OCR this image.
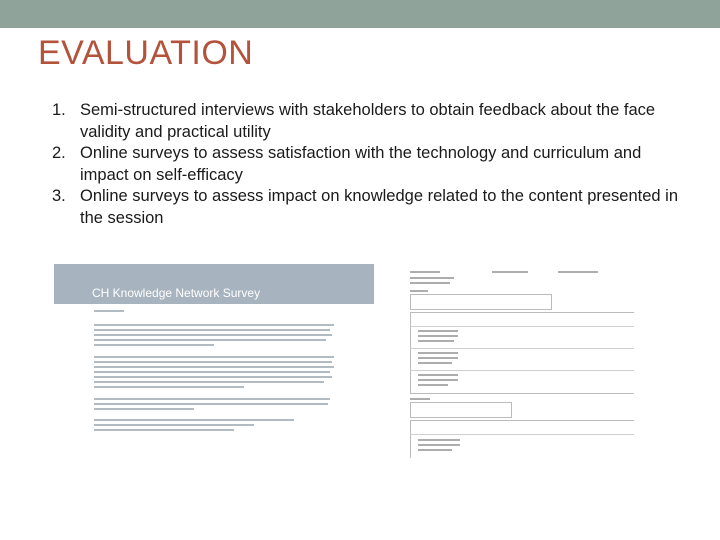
EVALUATION
1. Semi-structured interviews with stakeholders to obtain feedback about the face validity and practical utility
2. Online surveys to assess satisfaction with the technology and curriculum and impact on self-efficacy
3. Online surveys to assess impact on knowledge related to the content presented in the session
CH Knowledge Network Survey
